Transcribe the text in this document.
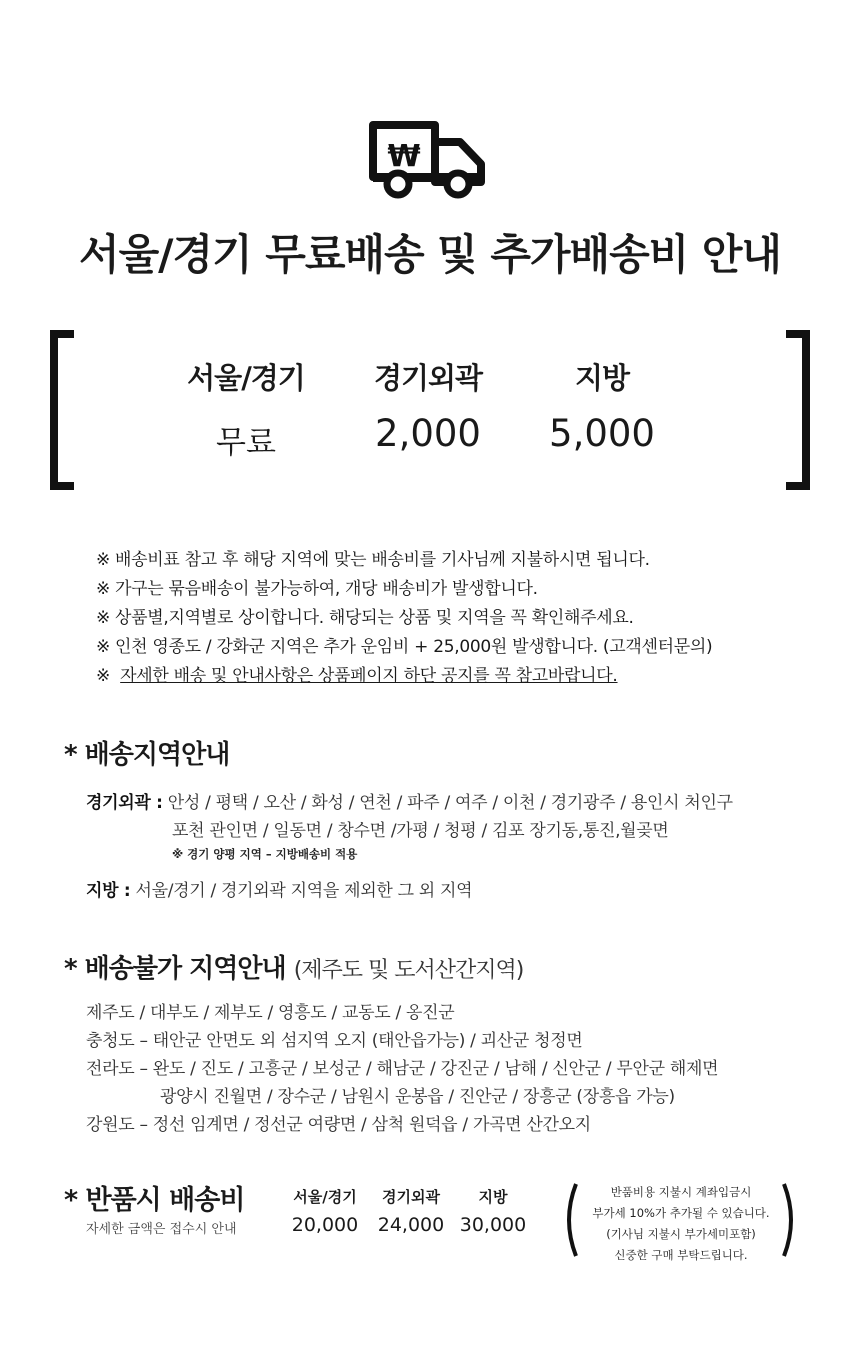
₩
서울/경기 무료배송 및 추가배송비 안내
서울/경기	경기외곽	지방
무료	2,000	5,000
※ 배송비표 참고 후 해당 지역에 맞는 배송비를 기사님께 지불하시면 됩니다.
※ 가구는 묶음배송이 불가능하여, 개당 배송비가 발생합니다.
※ 상품별,지역별로 상이합니다. 해당되는 상품 및 지역을 꼭 확인해주세요.
※ 인천 영종도 / 강화군 지역은 추가 운임비 + 25,000원 발생합니다. (고객센터문의)
※ 자세한 배송 및 안내사항은 상품페이지 하단 공지를 꼭 참고바랍니다.
* 배송지역안내
경기외곽 : 안성 / 평택 / 오산 / 화성 / 연천 / 파주 / 여주 / 이천 / 경기광주 / 용인시 처인구
포천 관인면 / 일동면 / 창수면 /가평 / 청평 / 김포 장기동,통진,월곶면
※ 경기 양평 지역 – 지방배송비 적용
지방 : 서울/경기 / 경기외곽 지역을 제외한 그 외 지역
* 배송불가 지역안내 (제주도 및 도서산간지역)
제주도 / 대부도 / 제부도 / 영흥도 / 교동도 / 옹진군
충청도 – 태안군 안면도 외 섬지역 오지 (태안읍가능) / 괴산군 청정면
전라도 – 완도 / 진도 / 고흥군 / 보성군 / 해남군 / 강진군 / 남해 / 신안군 / 무안군 해제면
광양시 진월면 / 장수군 / 남원시 운봉읍 / 진안군 / 장흥군 (장흥읍 가능)
강원도 – 정선 임계면 / 정선군 여량면 / 삼척 원덕읍 / 가곡면 산간오지
* 반품시 배송비
자세한 금액은 접수시 안내
서울/경기	경기외곽	지방
20,000	24,000 30,000
반품비용 지불시 계좌입금시
부가세 10%가 추가될 수 있습니다.
(기사님 지불시 부가세미포함)
신중한 구매 부탁드립니다.
